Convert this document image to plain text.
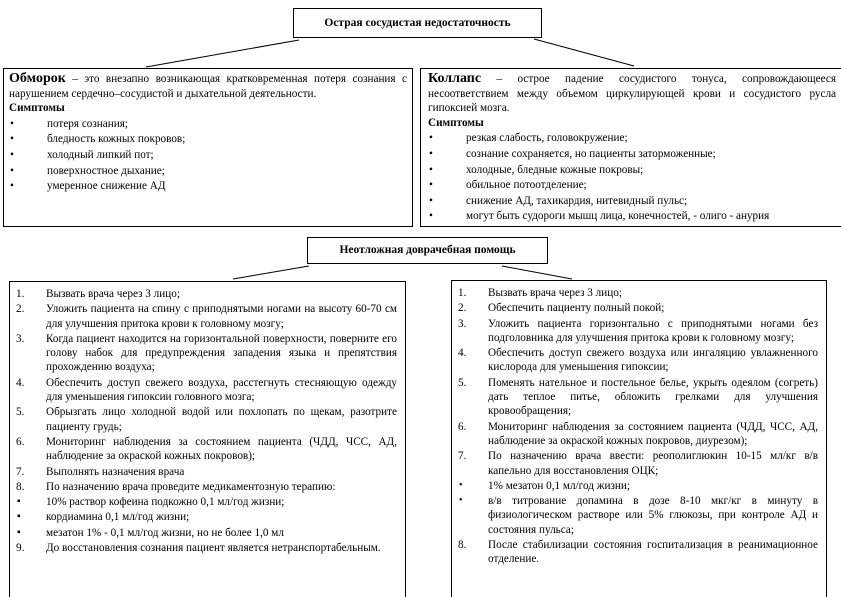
Острая сосудистая недостаточность
Обморок – это внезапно возникающая кратковременная потеря сознания с нарушением сердечно–сосудистой и дыхательной деятельности.
Симптомы
• потеря сознания;
• бледность кожных покровов;
• холодный липкий пот;
• поверхностное дыхание;
• умеренное снижение АД
Коллапс – острое падение сосудистого тонуса, сопровождающееся несоответствием между объемом циркулирующей крови и сосудистого русла гипоксией мозга.
Симптомы
• резкая слабость, головокружение;
• сознание сохраняется, но пациенты заторможенные;
• холодные, бледные кожные покровы;
• обильное потоотделение;
• снижение АД, тахикардия, нитевидный пульс;
• могут быть судороги мышц лица, конечностей, - олиго - анурия
Неотложная доврачебная помощь
1. Вызвать врача через 3 лицо;
2. Уложить пациента на спину с приподнятыми ногами на высоту 60-70 см для улучшения притока крови к головному мозгу;
3. Когда пациент находится на горизонтальной поверхности, поверните его голову набок для предупреждения западения языка и препятствия прохождению воздуха;
4. Обеспечить доступ свежего воздуха, расстегнуть стесняющую одежду для уменьшения гипоксии головного мозга;
5. Обрызгать лицо холодной водой или похлопать по щекам, разотрите пациенту грудь;
6. Мониторинг наблюдения за состоянием пациента (ЧДД, ЧСС, АД, наблюдение за окраской кожных покровов);
7. Выполнять назначения врача
8. По назначению врача проведите медикаментозную терапию:
▪ 10% раствор кофеина подкожно 0,1 мл/год жизни;
▪ кордиамина 0,1 мл/год жизни;
▪ мезатон 1% - 0,1 мл/год жизни, но не более 1,0 мл
9. До восстановления сознания пациент является нетранспортабельным.
1. Вызвать врача через 3 лицо;
2. Обеспечить пациенту полный покой;
3. Уложить пациента горизонтально с приподнятыми ногами без подголовника для улучшения притока крови к головному мозгу;
4. Обеспечить доступ свежего воздуха или ингаляцию увлажненного кислорода для уменьшения гипоксии;
5. Поменять нательное и постельное белье, укрыть одеялом (согреть) дать теплое питье, обложить грелками для улучшения кровообращения;
6. Мониторинг наблюдения за состоянием пациента (ЧДД, ЧСС, АД, наблюдение за окраской кожных покровов, диурезом);
7. По назначению врача ввести: реополиглюкин 10-15 мл/кг в/в капельно для восстановления ОЦК;
• 1% мезатон 0,1 мл/год жизни;
• в/в титрование допамина в дозе 8-10 мкг/кг в минуту в физиологическом растворе или 5% глюкозы, при контроле АД и состояния пульса;
8. После стабилизации состояния госпитализация в реанимационное отделение.
